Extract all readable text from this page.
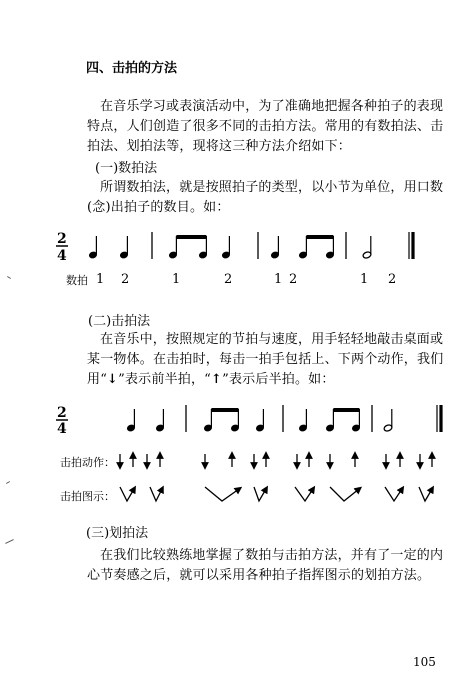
四、击拍的方法
在音乐学习或表演活动中，为了准确地把握各种拍子的表现特点，人们创造了很多不同的击拍方法。常用的有数拍法、击拍法、划拍法等，现将这三种方法介绍如下：
(一)数拍法
所谓数拍法，就是按照拍子的类型，以小节为单位，用口数(念)出拍子的数目。如：
2
4
数拍 1 2	1	2	1 2	1 2
(二)击拍法
在音乐中，按照规定的节拍与速度，用手轻轻地敲击桌面或某一物体。在击拍时，每击一拍手包括上、下两个动作，我们用“↓”表示前半拍，“↑”表示后半拍。如：
2
4
击拍动作：
击拍图示：
(三)划拍法
在我们比较熟练地掌握了数拍与击拍方法，并有了一定的内心节奏感之后，就可以采用各种拍子指挥图示的划拍方法。
105
